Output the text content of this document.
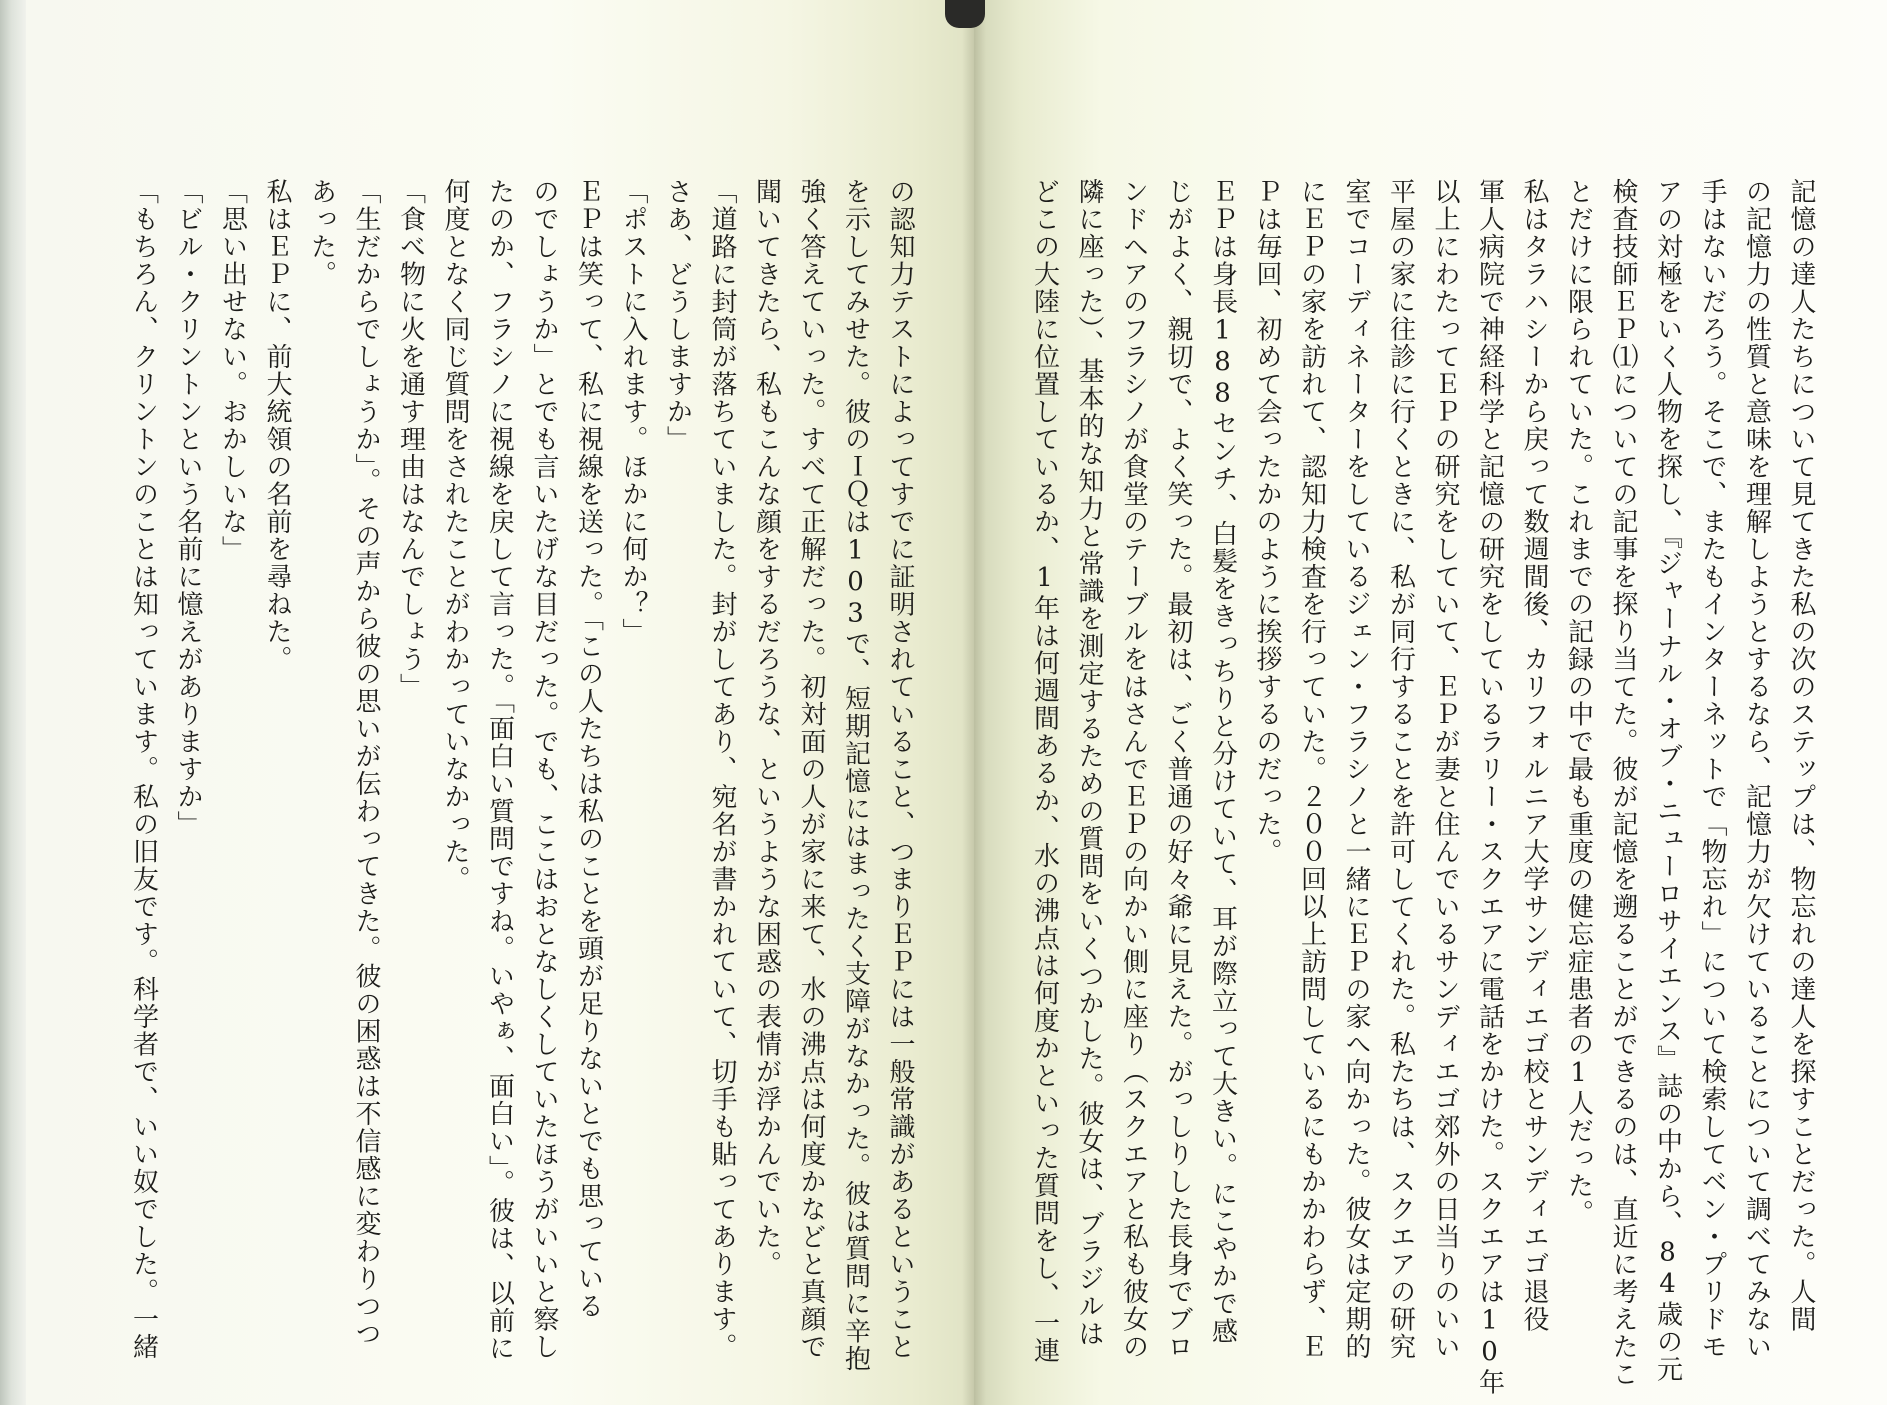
の認知力テストによってすでに証明されていること、つまりＥＰには一般常識があるということ

を示してみせた。彼のＩＱは103で、短期記憶にはまったく支障がなかった。彼は質問に辛抱

強く答えていった。すべて正解だった。初対面の人が家に来て、水の沸点は何度かなどと真顔で

聞いてきたら、私もこんな顔をするだろうな、というような困惑の表情が浮かんでいた。

「道路に封筒が落ちていました。封がしてあり、宛名が書かれていて、切手も貼ってあります。

さあ、どうしますか」

「ポストに入れます。ほかに何か？」

ＥＰは笑って、私に視線を送った。「この人たちは私のことを頭が足りないとでも思っている

のでしょうか」とでも言いたげな目だった。でも、ここはおとなしくしていたほうがいいと察し

たのか、フラシノに視線を戻して言った。「面白い質問ですね。いやぁ、面白い」。彼は、以前に

何度となく同じ質問をされたことがわかっていなかった。

「食べ物に火を通す理由はなんでしょう」

「生だからでしょうか」。その声から彼の思いが伝わってきた。彼の困惑は不信感に変わりつつ

あった。

私はＥＰに、前大統領の名前を尋ねた。

「思い出せない。おかしいな」

「ビル・クリントンという名前に憶えがありますか」

「もちろん、クリントンのことは知っています。私の旧友です。科学者で、いい奴でした。一緒	記憶の達人たちについて見てきた私の次のステップは、物忘れの達人を探すことだった。人間

の記憶力の性質と意味を理解しようとするなら、記憶力が欠けていることについて調べてみない

手はないだろう。そこで、またもインターネットで「物忘れ」について検索してベン・プリドモ

アの対極をいく人物を探し、『ジャーナル・オブ・ニューロサイエンス』誌の中から、84歳の元

検査技師ＥＰ⑴についての記事を探り当てた。彼が記憶を遡ることができるのは、直近に考えたこ

とだけに限られていた。これまでの記録の中で最も重度の健忘症患者の1人だった。

私はタラハシーから戻って数週間後、カリフォルニア大学サンディエゴ校とサンディエゴ退役

軍人病院で神経科学と記憶の研究をしているラリー・スクエアに電話をかけた。スクエアは10年

以上にわたってＥＰの研究をしていて、ＥＰが妻と住んでいるサンディエゴ郊外の日当りのいい

平屋の家に往診に行くときに、私が同行することを許可してくれた。私たちは、スクエアの研究

室でコーディネーターをしているジェン・フラシノと一緒にＥＰの家へ向かった。彼女は定期的

にＥＰの家を訪れて、認知力検査を行っていた。２００回以上訪問しているにもかかわらず、Ｅ

Ｐは毎回、初めて会ったかのように挨拶するのだった。

ＥＰは身長188センチ、白髪をきっちりと分けていて、耳が際立って大きい。にこやかで感

じがよく、親切で、よく笑った。最初は、ごく普通の好々爺に見えた。がっしりした長身でブロ

ンドヘアのフラシノが食堂のテーブルをはさんでＥＰの向かい側に座り（スクエアと私も彼女の

隣に座った）、基本的な知力と常識を測定するための質問をいくつかした。彼女は、ブラジルは

どこの大陸に位置しているか、1年は何週間あるか、水の沸点は何度かといった質問をし、一連
